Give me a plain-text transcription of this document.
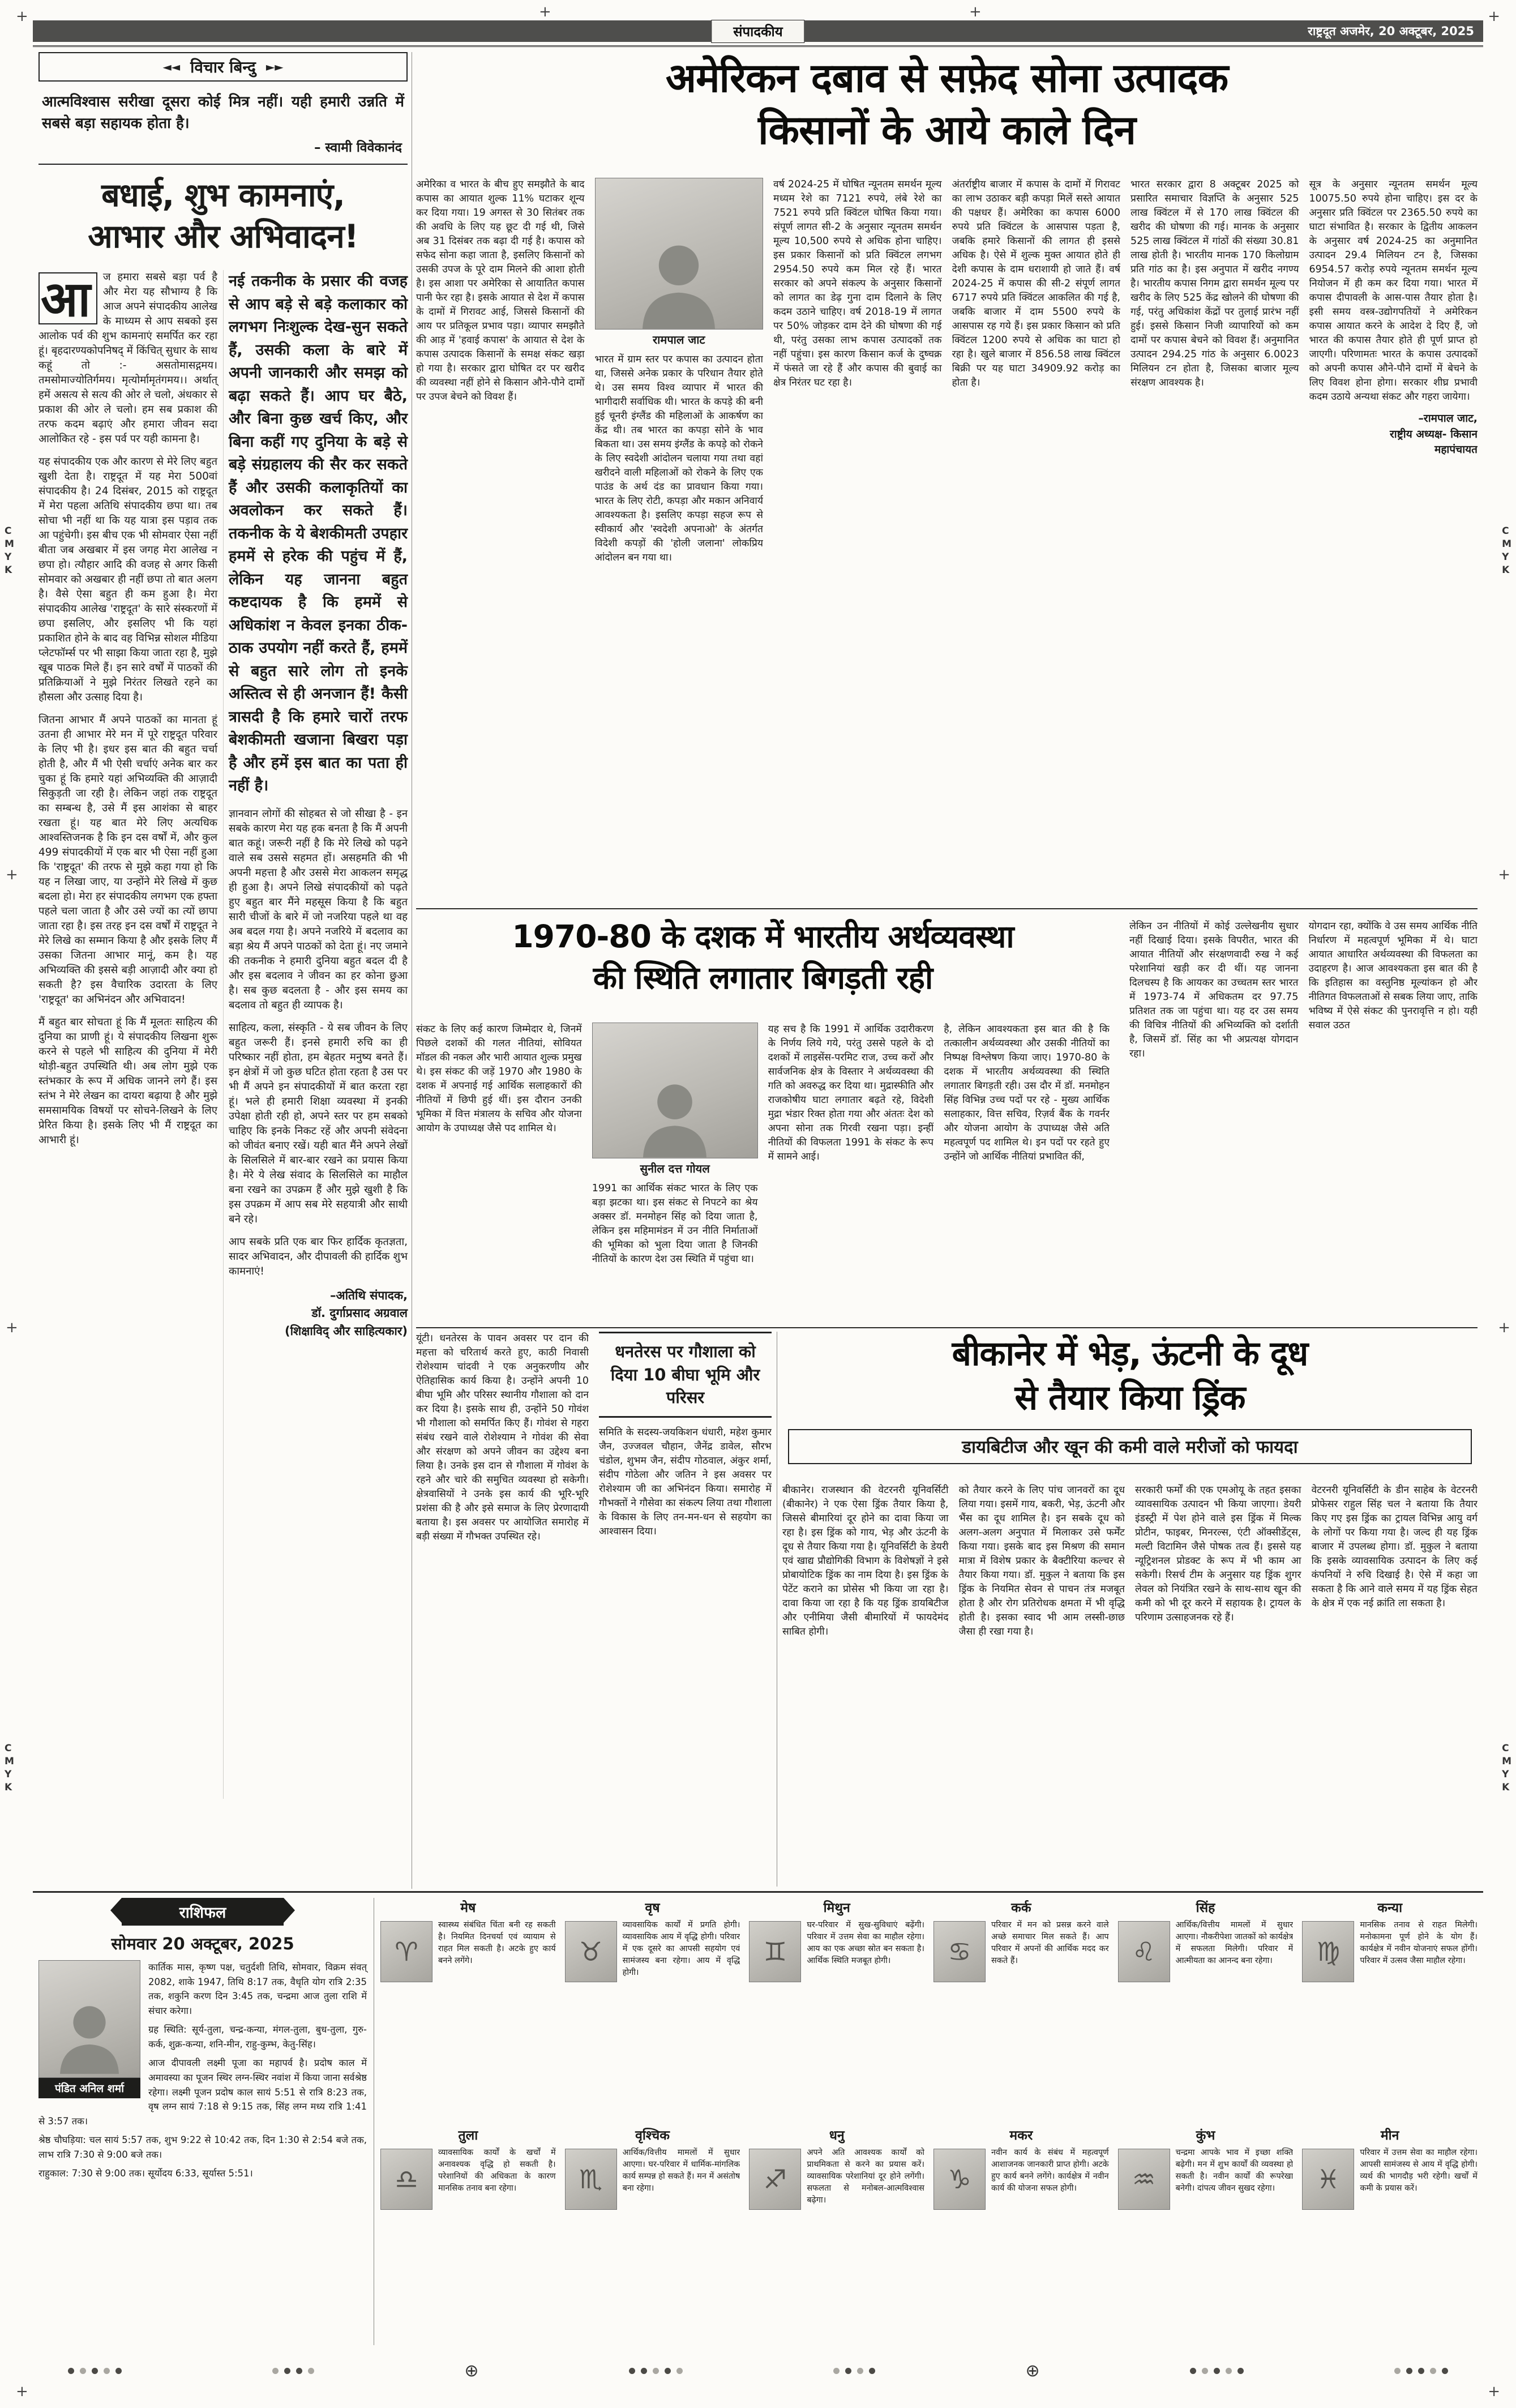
+	+	+	+
+	+
+	+
+	+
C
M
Y
K
C
M
Y
K
C
M
Y
K
C
M
Y
K
संपादकीय	राष्ट्रदूत अजमेर, 20 अक्टूबर, 2025
◄◄ विचार बिन्दु ►►
आत्मविश्वास सरीखा दूसरा कोई मित्र नहीं। यही हमारी उन्नति में सबसे बड़ा सहायक होता है।
– स्वामी विवेकानंद
बधाई, शुभ कामनाएं,
आभार और अभिवादन!

आ	ज हमारा सबसे बड़ा पर्व है और मेरा यह सौभाग्य है कि आज अपने संपादकीय आलेख के माध्यम से आप सबको इस आलोक पर्व की शुभ कामनाएं समर्पित कर रहा हूं। बृहदारण्यकोपनिषद् में किंचित् सुधार के साथ कहूं तो :- असतोमासद्गमय। तमसोमाज्योतिर्गमय। मृत्योर्मामृतंगमय।। अर्थात् हमें असत्य से सत्य की ओर ले चलो, अंधकार से प्रकाश की ओर ले चलो। हम सब प्रकाश की तरफ कदम बढ़ाएं और हमारा जीवन सदा आलोकित रहे - इस पर्व पर यही कामना है।

यह संपादकीय एक और कारण से मेरे लिए बहुत खुशी देता है। राष्ट्रदूत में यह मेरा 500वां संपादकीय है। 24 दिसंबर, 2015 को राष्ट्रदूत में मेरा पहला अतिथि संपादकीय छपा था। तब सोचा भी नहीं था कि यह यात्रा इस पड़ाव तक आ पहुंचेगी। इस बीच एक भी सोमवार ऐसा नहीं बीता जब अखबार में इस जगह मेरा आलेख न छपा हो। त्यौहार आदि की वजह से अगर किसी सोमवार को अखबार ही नहीं छपा तो बात अलग है। वैसे ऐसा बहुत ही कम हुआ है। मेरा संपादकीय आलेख 'राष्ट्रदूत' के सारे संस्करणों में छपा इसलिए, और इसलिए भी कि यहां प्रकाशित होने के बाद वह विभिन्न सोशल मीडिया प्लेटफॉर्म्स पर भी साझा किया जाता रहा है, मुझे खूब पाठक मिले हैं। इन सारे वर्षों में पाठकों की प्रतिक्रियाओं ने मुझे निरंतर लिखते रहने का हौसला और उत्साह दिया है।

जितना आभार मैं अपने पाठकों का मानता हूं उतना ही आभार मेरे मन में पूरे राष्ट्रदूत परिवार के लिए भी है। इधर इस बात की बहुत चर्चा होती है, और मैं भी ऐसी चर्चाएं अनेक बार कर चुका हूं कि हमारे यहां अभिव्यक्ति की आज़ादी सिकुड़ती जा रही है। लेकिन जहां तक राष्ट्रदूत का सम्बन्ध है, उसे मैं इस आशंका से बाहर रखता हूं। यह बात मेरे लिए अत्यधिक आश्वस्तिजनक है कि इन दस वर्षों में, और कुल 499 संपादकीयों में एक बार भी ऐसा नहीं हुआ कि 'राष्ट्रदूत' की तरफ से मुझे कहा गया हो कि यह न लिखा जाए, या उन्होंने मेरे लिखे में कुछ बदला हो। मेरा हर संपादकीय लगभग एक हफ्ता पहले चला जाता है और उसे ज्यों का त्यों छापा जाता रहा है। इस तरह इन दस वर्षों में राष्ट्रदूत ने मेरे लिखे का सम्मान किया है और इसके लिए मैं उसका जितना आभार मानूं, कम है। यह अभिव्यक्ति की इससे बड़ी आज़ादी और क्या हो सकती है? इस वैचारिक उदारता के लिए 'राष्ट्रदूत' का अभिनंदन और अभिवादन!

मैं बहुत बार सोचता हूं कि मैं मूलतः साहित्य की दुनिया का प्राणी हूं। ये संपादकीय लिखना शुरू करने से पहले भी साहित्य की दुनिया में मेरी थोड़ी-बहुत उपस्थिति थी। अब लोग मुझे एक स्तंभकार के रूप में अधिक जानने लगे हैं। इस स्तंभ ने मेरे लेखन का दायरा बढ़ाया है और मुझे समसामयिक विषयों पर सोचने-लिखने के लिए प्रेरित किया है। इसके लिए भी मैं राष्ट्रदूत का आभारी हूं।

नई तकनीक के प्रसार की वजह से आप बड़े से बड़े कलाकार को लगभग निःशुल्क देख-सुन सकते हैं, उसकी कला के बारे में अपनी जानकारी और समझ को बढ़ा सकते हैं। आप घर बैठे, और बिना कुछ खर्च किए, और बिना कहीं गए दुनिया के बड़े से बड़े संग्रहालय की सैर कर सकते हैं और उसकी कलाकृतियों का अवलोकन कर सकते हैं। तकनीक के ये बेशकीमती उपहार हममें से हरेक की पहुंच में हैं, लेकिन यह जानना बहुत कष्टदायक है कि हममें से अधिकांश न केवल इनका ठीक-ठाक उपयोग नहीं करते हैं, हममें से बहुत सारे लोग तो इनके अस्तित्व से ही अनजान हैं! कैसी त्रासदी है कि हमारे चारों तरफ बेशकीमती खजाना बिखरा पड़ा है और हमें इस बात का पता ही नहीं है।

ज्ञानवान लोगों की सोहबत से जो सीखा है - इन सबके कारण मेरा यह हक बनता है कि मैं अपनी बात कहूं। जरूरी नहीं है कि मेरे लिखे को पढ़ने वाले सब उससे सहमत हों। असहमति की भी अपनी महत्ता है और उससे मेरा आकलन समृद्ध ही हुआ है। अपने लिखे संपादकीयों को पढ़ते हुए बहुत बार मैंने महसूस किया है कि बहुत सारी चीजों के बारे में जो नजरिया पहले था वह अब बदल गया है। अपने नजरिये में बदलाव का बड़ा श्रेय मैं अपने पाठकों को देता हूं। नए जमाने की तकनीक ने हमारी दुनिया बहुत बदल दी है और इस बदलाव ने जीवन का हर कोना छुआ है। सब कुछ बदलता है - और इस समय का बदलाव तो बहुत ही व्यापक है।

साहित्य, कला, संस्कृति - ये सब जीवन के लिए बहुत जरूरी हैं। इनसे हमारी रुचि का ही परिष्कार नहीं होता, हम बेहतर मनुष्य बनते हैं। इन क्षेत्रों में जो कुछ घटित होता रहता है उस पर भी मैं अपने इन संपादकीयों में बात करता रहा हूं। भले ही हमारी शिक्षा व्यवस्था में इनकी उपेक्षा होती रही हो, अपने स्तर पर हम सबको चाहिए कि इनके निकट रहें और अपनी संवेदना को जीवंत बनाए रखें। यही बात मैंने अपने लेखों के सिलसिले में बार-बार रखने का प्रयास किया है। मेरे ये लेख संवाद के सिलसिले का माहौल बना रखने का उपक्रम हैं और मुझे खुशी है कि इस उपक्रम में आप सब मेरे सहयात्री और साथी बने रहे।

आप सबके प्रति एक बार फिर हार्दिक कृतज्ञता, सादर अभिवादन, और दीपावली की हार्दिक शुभ कामनाएं!

–अतिथि संपादक,
डॉ. दुर्गाप्रसाद अग्रवाल
(शिक्षाविद् और साहित्यकार)
अमेरिकन दबाव से सफ़ेद सोना उत्पादक
किसानों के आये काले दिन
अमेरिका व भारत के बीच हुए समझौते के बाद कपास का आयात शुल्क 11% घटाकर शून्य कर दिया गया। 19 अगस्त से 30 सितंबर तक की अवधि के लिए यह छूट दी गई थी, जिसे अब 31 दिसंबर तक बढ़ा दी गई है। कपास को सफेद सोना कहा जाता है, इसलिए किसानों को उसकी उपज के पूरे दाम मिलने की आशा होती है। इस आशा पर अमेरिका से आयातित कपास पानी फेर रहा है। इसके आयात से देश में कपास के दामों में गिरावट आई, जिससे किसानों की आय पर प्रतिकूल प्रभाव पड़ा। व्यापार समझौते की आड़ में 'हवाई कपास' के आयात से देश के कपास उत्पादक किसानों के समक्ष संकट खड़ा हो गया है। सरकार द्वारा घोषित दर पर खरीद की व्यवस्था नहीं होने से किसान औने-पौने दामों पर उपज बेचने को विवश हैं।
रामपाल जाट
भारत में ग्राम स्तर पर कपास का उत्पादन होता था, जिससे अनेक प्रकार के परिधान तैयार होते थे। उस समय विश्व व्यापार में भारत की भागीदारी सर्वाधिक थी। भारत के कपड़े की बनी हुई चूनरी इंग्लैंड की महिलाओं के आकर्षण का केंद्र थी। तब भारत का कपड़ा सोने के भाव बिकता था। उस समय इंग्लैंड के कपड़े को रोकने के लिए स्वदेशी आंदोलन चलाया गया तथा वहां खरीदने वाली महिलाओं को रोकने के लिए एक पाउंड के अर्थ दंड का प्रावधान किया गया। भारत के लिए रोटी, कपड़ा और मकान अनिवार्य आवश्यकता है। इसलिए कपड़ा सहज रूप से स्वीकार्य और 'स्वदेशी अपनाओ' के अंतर्गत विदेशी कपड़ों की 'होली जलाना' लोकप्रिय आंदोलन बन गया था।
वर्ष 2024-25 में घोषित न्यूनतम समर्थन मूल्य मध्यम रेशे का 7121 रुपये, लंबे रेशे का 7521 रुपये प्रति क्विंटल घोषित किया गया। संपूर्ण लागत सी-2 के अनुसार न्यूनतम समर्थन मूल्य 10,500 रुपये से अधिक होना चाहिए। इस प्रकार किसानों को प्रति क्विंटल लगभग 2954.50 रुपये कम मिल रहे हैं। भारत सरकार को अपने संकल्प के अनुसार किसानों को लागत का डेढ़ गुना दाम दिलाने के लिए कदम उठाने चाहिए। वर्ष 2018-19 में लागत पर 50% जोड़कर दाम देने की घोषणा की गई थी, परंतु उसका लाभ कपास उत्पादकों तक नहीं पहुंचा। इस कारण किसान कर्ज के दुष्चक्र में फंसते जा रहे हैं और कपास की बुवाई का क्षेत्र निरंतर घट रहा है।
अंतर्राष्ट्रीय बाजार में कपास के दामों में गिरावट का लाभ उठाकर बड़ी कपड़ा मिलें सस्ते आयात की पक्षधर हैं। अमेरिका का कपास 6000 रुपये प्रति क्विंटल के आसपास पड़ता है, जबकि हमारे किसानों की लागत ही इससे अधिक है। ऐसे में शुल्क मुक्त आयात होते ही देशी कपास के दाम धराशायी हो जाते हैं। वर्ष 2024-25 में कपास की सी-2 संपूर्ण लागत 6717 रुपये प्रति क्विंटल आकलित की गई है, जबकि बाजार में दाम 5500 रुपये के आसपास रह गये हैं। इस प्रकार किसान को प्रति क्विंटल 1200 रुपये से अधिक का घाटा हो रहा है। खुले बाजार में 856.58 लाख क्विंटल बिक्री पर यह घाटा 34909.92 करोड़ का होता है।
भारत सरकार द्वारा 8 अक्टूबर 2025 को प्रसारित समाचार विज्ञप्ति के अनुसार 525 लाख क्विंटल में से 170 लाख क्विंटल की खरीद की घोषणा की गई। मानक के अनुसार 525 लाख क्विंटल में गांठों की संख्या 30.81 लाख होती है। भारतीय मानक 170 किलोग्राम प्रति गांठ का है। इस अनुपात में खरीद नगण्य है। भारतीय कपास निगम द्वारा समर्थन मूल्य पर खरीद के लिए 525 केंद्र खोलने की घोषणा की गई, परंतु अधिकांश केंद्रों पर तुलाई प्रारंभ नहीं हुई। इससे किसान निजी व्यापारियों को कम दामों पर कपास बेचने को विवश हैं। अनुमानित उत्पादन 294.25 गांठ के अनुसार 6.0023 मिलियन टन होता है, जिसका बाजार मूल्य संरक्षण आवश्यक है।
सूत्र के अनुसार न्यूनतम समर्थन मूल्य 10075.50 रुपये होना चाहिए। इस दर के अनुसार प्रति क्विंटल पर 2365.50 रुपये का घाटा संभावित है। सरकार के द्वितीय आकलन के अनुसार वर्ष 2024-25 का अनुमानित उत्पादन 29.4 मिलियन टन है, जिसका 6954.57 करोड़ रुपये न्यूनतम समर्थन मूल्य नियोजन में ही कम कर दिया गया। भारत में कपास दीपावली के आस-पास तैयार होता है। इसी समय वस्त्र-उद्योगपतियों ने अमेरिकन कपास आयात करने के आदेश दे दिए हैं, जो भारत की कपास तैयार होते ही पूर्ण प्राप्त हो जाएगी। परिणामतः भारत के कपास उत्पादकों को अपनी कपास औने-पौने दामों में बेचने के लिए विवश होना होगा। सरकार शीघ्र प्रभावी कदम उठाये अन्यथा संकट और गहरा जायेगा।
–रामपाल जाट,
राष्ट्रीय अध्यक्ष- किसान
महापंचायत
1970-80 के दशक में भारतीय अर्थव्यवस्था
की स्थिति लगातार बिगड़ती रही
संकट के लिए कई कारण जिम्मेदार थे, जिनमें पिछले दशकों की गलत नीतियां, सोवियत मॉडल की नकल और भारी आयात शुल्क प्रमुख थे। इस संकट की जड़ें 1970 और 1980 के दशक में अपनाई गई आर्थिक सलाहकारों की नीतियों में छिपी हुई थीं। इस दौरान उनकी भूमिका में वित्त मंत्रालय के सचिव और योजना आयोग के उपाध्यक्ष जैसे पद शामिल थे।
सुनील दत्त गोयल
1991 का आर्थिक संकट भारत के लिए एक बड़ा झटका था। इस संकट से निपटने का श्रेय अक्सर डॉ. मनमोहन सिंह को दिया जाता है, लेकिन इस महिमामंडन में उन नीति निर्माताओं की भूमिका को भुला दिया जाता है जिनकी नीतियों के कारण देश उस स्थिति में पहुंचा था।
यह सच है कि 1991 में आर्थिक उदारीकरण के निर्णय लिये गये, परंतु उससे पहले के दो दशकों में लाइसेंस-परमिट राज, उच्च करों और सार्वजनिक क्षेत्र के विस्तार ने अर्थव्यवस्था की गति को अवरुद्ध कर दिया था। मुद्रास्फीति और राजकोषीय घाटा लगातार बढ़ते रहे, विदेशी मुद्रा भंडार रिक्त होता गया और अंततः देश को अपना सोना तक गिरवी रखना पड़ा। इन्हीं नीतियों की विफलता 1991 के संकट के रूप में सामने आई।
है, लेकिन आवश्यकता इस बात की है कि तत्कालीन अर्थव्यवस्था और उसकी नीतियों का निष्पक्ष विश्लेषण किया जाए। 1970-80 के दशक में भारतीय अर्थव्यवस्था की स्थिति लगातार बिगड़ती रही। उस दौर में डॉ. मनमोहन सिंह विभिन्न उच्च पदों पर रहे - मुख्य आर्थिक सलाहकार, वित्त सचिव, रिज़र्व बैंक के गवर्नर और योजना आयोग के उपाध्यक्ष जैसे अति महत्वपूर्ण पद शामिल थे। इन पदों पर रहते हुए उन्होंने जो आर्थिक नीतियां प्रभावित कीं,
लेकिन उन नीतियों में कोई उल्लेखनीय सुधार नहीं दिखाई दिया। इसके विपरीत, भारत की आयात नीतियों और संरक्षणवादी रुख ने कई परेशानियां खड़ी कर दी थीं। यह जानना दिलचस्प है कि आयकर का उच्चतम स्तर भारत में 1973-74 में अधिकतम दर 97.75 प्रतिशत तक जा पहुंचा था। यह दर उस समय की विचित्र नीतियों की अभिव्यक्ति को दर्शाती है, जिसमें डॉ. सिंह का भी अप्रत्यक्ष योगदान रहा।
योगदान रहा, क्योंकि वे उस समय आर्थिक नीति निर्धारण में महत्वपूर्ण भूमिका में थे। घाटा आयात आधारित अर्थव्यवस्था की विफलता का उदाहरण है। आज आवश्यकता इस बात की है कि इतिहास का वस्तुनिष्ठ मूल्यांकन हो और नीतिगत विफलताओं से सबक लिया जाए, ताकि भविष्य में ऐसे संकट की पुनरावृत्ति न हो। यही सवाल उठत
यूंटी। धनतेरस के पावन अवसर पर दान की महत्ता को चरितार्थ करते हुए, काठी निवासी रोशेश्याम चांदवी ने एक अनुकरणीय और ऐतिहासिक कार्य किया है। उन्होंने अपनी 10 बीघा भूमि और परिसर स्थानीय गौशाला को दान कर दिया है। इसके साथ ही, उन्होंने 50 गोवंश भी गौशाला को समर्पित किए हैं। गोवंश से गहरा संबंध रखने वाले रोशेश्याम ने गोवंश की सेवा और संरक्षण को अपने जीवन का उद्देश्य बना लिया है। उनके इस दान से गौशाला में गोवंश के रहने और चारे की समुचित व्यवस्था हो सकेगी। क्षेत्रवासियों ने उनके इस कार्य की भूरि-भूरि प्रशंसा की है और इसे समाज के लिए प्रेरणादायी बताया है। इस अवसर पर आयोजित समारोह में बड़ी संख्या में गौभक्त उपस्थित रहे।
धनतेरस पर गौशाला को दिया 10 बीघा भूमि और परिसर
समिति के सदस्य-जयकिशन धंधारी, महेश कुमार जैन, उज्जवल चौहान, जैनेंद्र डावेल, सौरभ चंडोल, शुभम जैन, संदीप गोठवाल, अंकुर शर्मा, संदीप गोठेला और जतिन ने इस अवसर पर रोशेश्याम जी का अभिनंदन किया। समारोह में गौभक्तों ने गौसेवा का संकल्प लिया तथा गौशाला के विकास के लिए तन-मन-धन से सहयोग का आश्वासन दिया।
बीकानेर में भेड़, ऊंटनी के दूध
से तैयार किया ड्रिंक
डायबिटीज और खून की कमी वाले मरीजों को फायदा
बीकानेर। राजस्थान की वेटरनरी यूनिवर्सिटी (बीकानेर) ने एक ऐसा ड्रिंक तैयार किया है, जिससे बीमारियां दूर होने का दावा किया जा रहा है। इस ड्रिंक को गाय, भेड़ और ऊंटनी के दूध से तैयार किया गया है। यूनिवर्सिटी के डेयरी एवं खाद्य प्रौद्योगिकी विभाग के विशेषज्ञों ने इसे प्रोबायोटिक ड्रिंक का नाम दिया है। इस ड्रिंक के पेटेंट कराने का प्रोसेस भी किया जा रहा है। दावा किया जा रहा है कि यह ड्रिंक डायबिटीज और एनीमिया जैसी बीमारियों में फायदेमंद साबित होगी।
को तैयार करने के लिए पांच जानवरों का दूध लिया गया। इसमें गाय, बकरी, भेड़, ऊंटनी और भैंस का दूध शामिल है। इन सबके दूध को अलग-अलग अनुपात में मिलाकर उसे फर्मेंट किया गया। इसके बाद इस मिश्रण की समान मात्रा में विशेष प्रकार के बैक्टीरिया कल्चर से तैयार किया गया। डॉ. मुकुल ने बताया कि इस ड्रिंक के नियमित सेवन से पाचन तंत्र मजबूत होता है और रोग प्रतिरोधक क्षमता में भी वृद्धि होती है। इसका स्वाद भी आम लस्सी-छाछ जैसा ही रखा गया है।
सरकारी फर्मों की एक एमओयू के तहत इसका व्यावसायिक उत्पादन भी किया जाएगा। डेयरी इंडस्ट्री में पेश होने वाले इस ड्रिंक में मिल्क प्रोटीन, फाइबर, मिनरल्स, एंटी ऑक्सीडेंट्स, मल्टी विटामिन जैसे पोषक तत्व हैं। इससे यह न्यूट्रिशनल प्रोडक्ट के रूप में भी काम आ सकेगी। रिसर्च टीम के अनुसार यह ड्रिंक शुगर लेवल को नियंत्रित रखने के साथ-साथ खून की कमी को भी दूर करने में सहायक है। ट्रायल के परिणाम उत्साहजनक रहे हैं।
वेटरनरी यूनिवर्सिटी के डीन साहेब के वेटरनरी प्रोफेसर राहुल सिंह चल ने बताया कि तैयार किए गए इस ड्रिंक का ट्रायल विभिन्न आयु वर्ग के लोगों पर किया गया है। जल्द ही यह ड्रिंक बाजार में उपलब्ध होगा। डॉ. मुकुल ने बताया कि इसके व्यावसायिक उत्पादन के लिए कई कंपनियों ने रुचि दिखाई है। ऐसे में कहा जा सकता है कि आने वाले समय में यह ड्रिंक सेहत के क्षेत्र में एक नई क्रांति ला सकता है।
राशिफल
सोमवार 20 अक्टूबर, 2025
पंडित अनिल शर्मा
कार्तिक मास, कृष्ण पक्ष, चतुर्दशी तिथि, सोमवार, विक्रम संवत् 2082, शाके 1947, तिथि 8:17 तक, वैधृति योग रात्रि 2:35 तक, शकुनि करण दिन 3:45 तक, चन्द्रमा आज तुला राशि में संचार करेगा।
ग्रह स्थिति: सूर्य-तुला, चन्द्र-कन्या, मंगल-तुला, बुध-तुला, गुरु-कर्क, शुक्र-कन्या, शनि-मीन, राहु-कुम्भ, केतु-सिंह।
आज दीपावली लक्ष्मी पूजा का महापर्व है। प्रदोष काल में अमावस्या का पूजन स्थिर लग्न-स्थिर नवांश में किया जाना सर्वश्रेष्ठ रहेगा। लक्ष्मी पूजन प्रदोष काल सायं 5:51 से रात्रि 8:23 तक, वृष लग्न सायं 7:18 से 9:15 तक, सिंह लग्न मध्य रात्रि 1:41 से 3:57 तक।
श्रेष्ठ चौघड़िया: चल सायं 5:57 तक, शुभ 9:22 से 10:42 तक, दिन 1:30 से 2:54 बजे तक, लाभ रात्रि 7:30 से 9:00 बजे तक।
राहुकाल: 7:30 से 9:00 तक। सूर्योदय 6:33, सूर्यास्त 5:51।
मेष
♈
स्वास्थ्य संबंधित चिंता बनी रह सकती है। नियमित दिनचर्या एवं व्यायाम से राहत मिल सकती है। अटके हुए कार्य बनने लगेंगे।
वृष
♉
व्यावसायिक कार्यों में प्रगति होगी। व्यावसायिक आय में वृद्धि होगी। परिवार में एक दूसरे का आपसी सहयोग एवं सामंजस्य बना रहेगा। आय में वृद्धि होगी।
मिथुन
♊
घर-परिवार में सुख-सुविधाएं बढ़ेंगी। परिवार में उत्तम सेवा का माहौल रहेगा। आय का एक अच्छा स्रोत बन सकता है। आर्थिक स्थिति मजबूत होगी।
कर्क
♋
परिवार में मन को प्रसन्न करने वाले अच्छे समाचार मिल सकते हैं। आप परिवार में अपनों की आर्थिक मदद कर सकते हैं।
सिंह
♌
आर्थिक/वित्तीय मामलों में सुधार आएगा। नौकरीपेशा जातकों को कार्यक्षेत्र में सफलता मिलेगी। परिवार में आत्मीयता का आनन्द बना रहेगा।
कन्या
♍
मानसिक तनाव से राहत मिलेगी। मनोकामना पूर्ण होने के योग हैं। कार्यक्षेत्र में नवीन योजनाएं सफल होंगी। परिवार में उत्सव जैसा माहौल रहेगा।
तुला
♎
व्यावसायिक कार्यों के खर्चों में अनावश्यक वृद्धि हो सकती है। परेशानियों की अधिकता के कारण मानसिक तनाव बना रहेगा।
वृश्चिक
♏
आर्थिक/वित्तीय मामलों में सुधार आएगा। घर-परिवार में धार्मिक-मांगलिक कार्य सम्पन्न हो सकते हैं। मन में असंतोष बना रहेगा।
धनु
♐
अपने अति आवश्यक कार्यों को प्राथमिकता से करने का प्रयास करें। व्यावसायिक परेशानियां दूर होने लगेंगी। सफलता से मनोबल-आत्मविश्वास बढ़ेगा।
मकर
♑
नवीन कार्य के संबंध में महत्वपूर्ण आशाजनक जानकारी प्राप्त होगी। अटके हुए कार्य बनने लगेंगे। कार्यक्षेत्र में नवीन कार्य की योजना सफल होगी।
कुंभ
♒
चन्द्रमा आपके भाव में इच्छा शक्ति बढ़ेगी। मन में शुभ कार्यों की व्यवस्था हो सकती है। नवीन कार्यों की रूपरेखा बनेगी। दांपत्य जीवन सुखद रहेगा।
मीन
♓
परिवार में उत्तम सेवा का माहौल रहेगा। आपसी सामंजस्य से आय में वृद्धि होगी। व्यर्थ की भागदौड़ भरी रहेगी। खर्चों में कमी के प्रयास करें।
⊕	⊕
